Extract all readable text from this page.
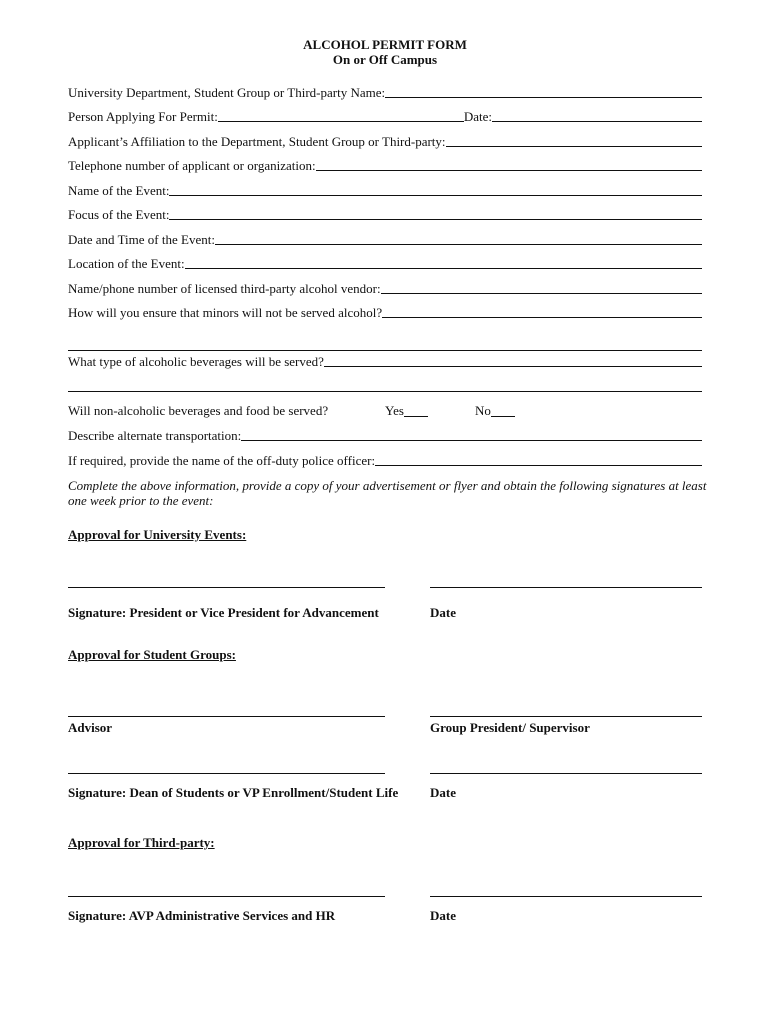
ALCOHOL PERMIT FORM
On or Off Campus
University Department, Student Group or Third-party Name:
Person Applying For Permit:	Date:
Applicant’s Affiliation to the Department, Student Group or Third-party:
Telephone number of applicant or organization:
Name of the Event:
Focus of the Event:
Date and Time of the Event:
Location of the Event:
Name/phone number of licensed third-party alcohol vendor:
How will you ensure that minors will not be served alcohol?
What type of alcoholic beverages will be served?
Will non-alcoholic beverages and food be served?	Yes	No
Describe alternate transportation:
If required, provide the name of the off-duty police officer:
Complete the above information, provide a copy of your advertisement or flyer and obtain the following signatures at least one week prior to the event:
Approval for University Events:
Signature: President or Vice President for Advancement	Date
Approval for Student Groups:
Advisor	Group President/ Supervisor
Signature: Dean of Students or VP Enrollment/Student Life Date
Approval for Third-party:
Signature: AVP Administrative Services and HR	Date
